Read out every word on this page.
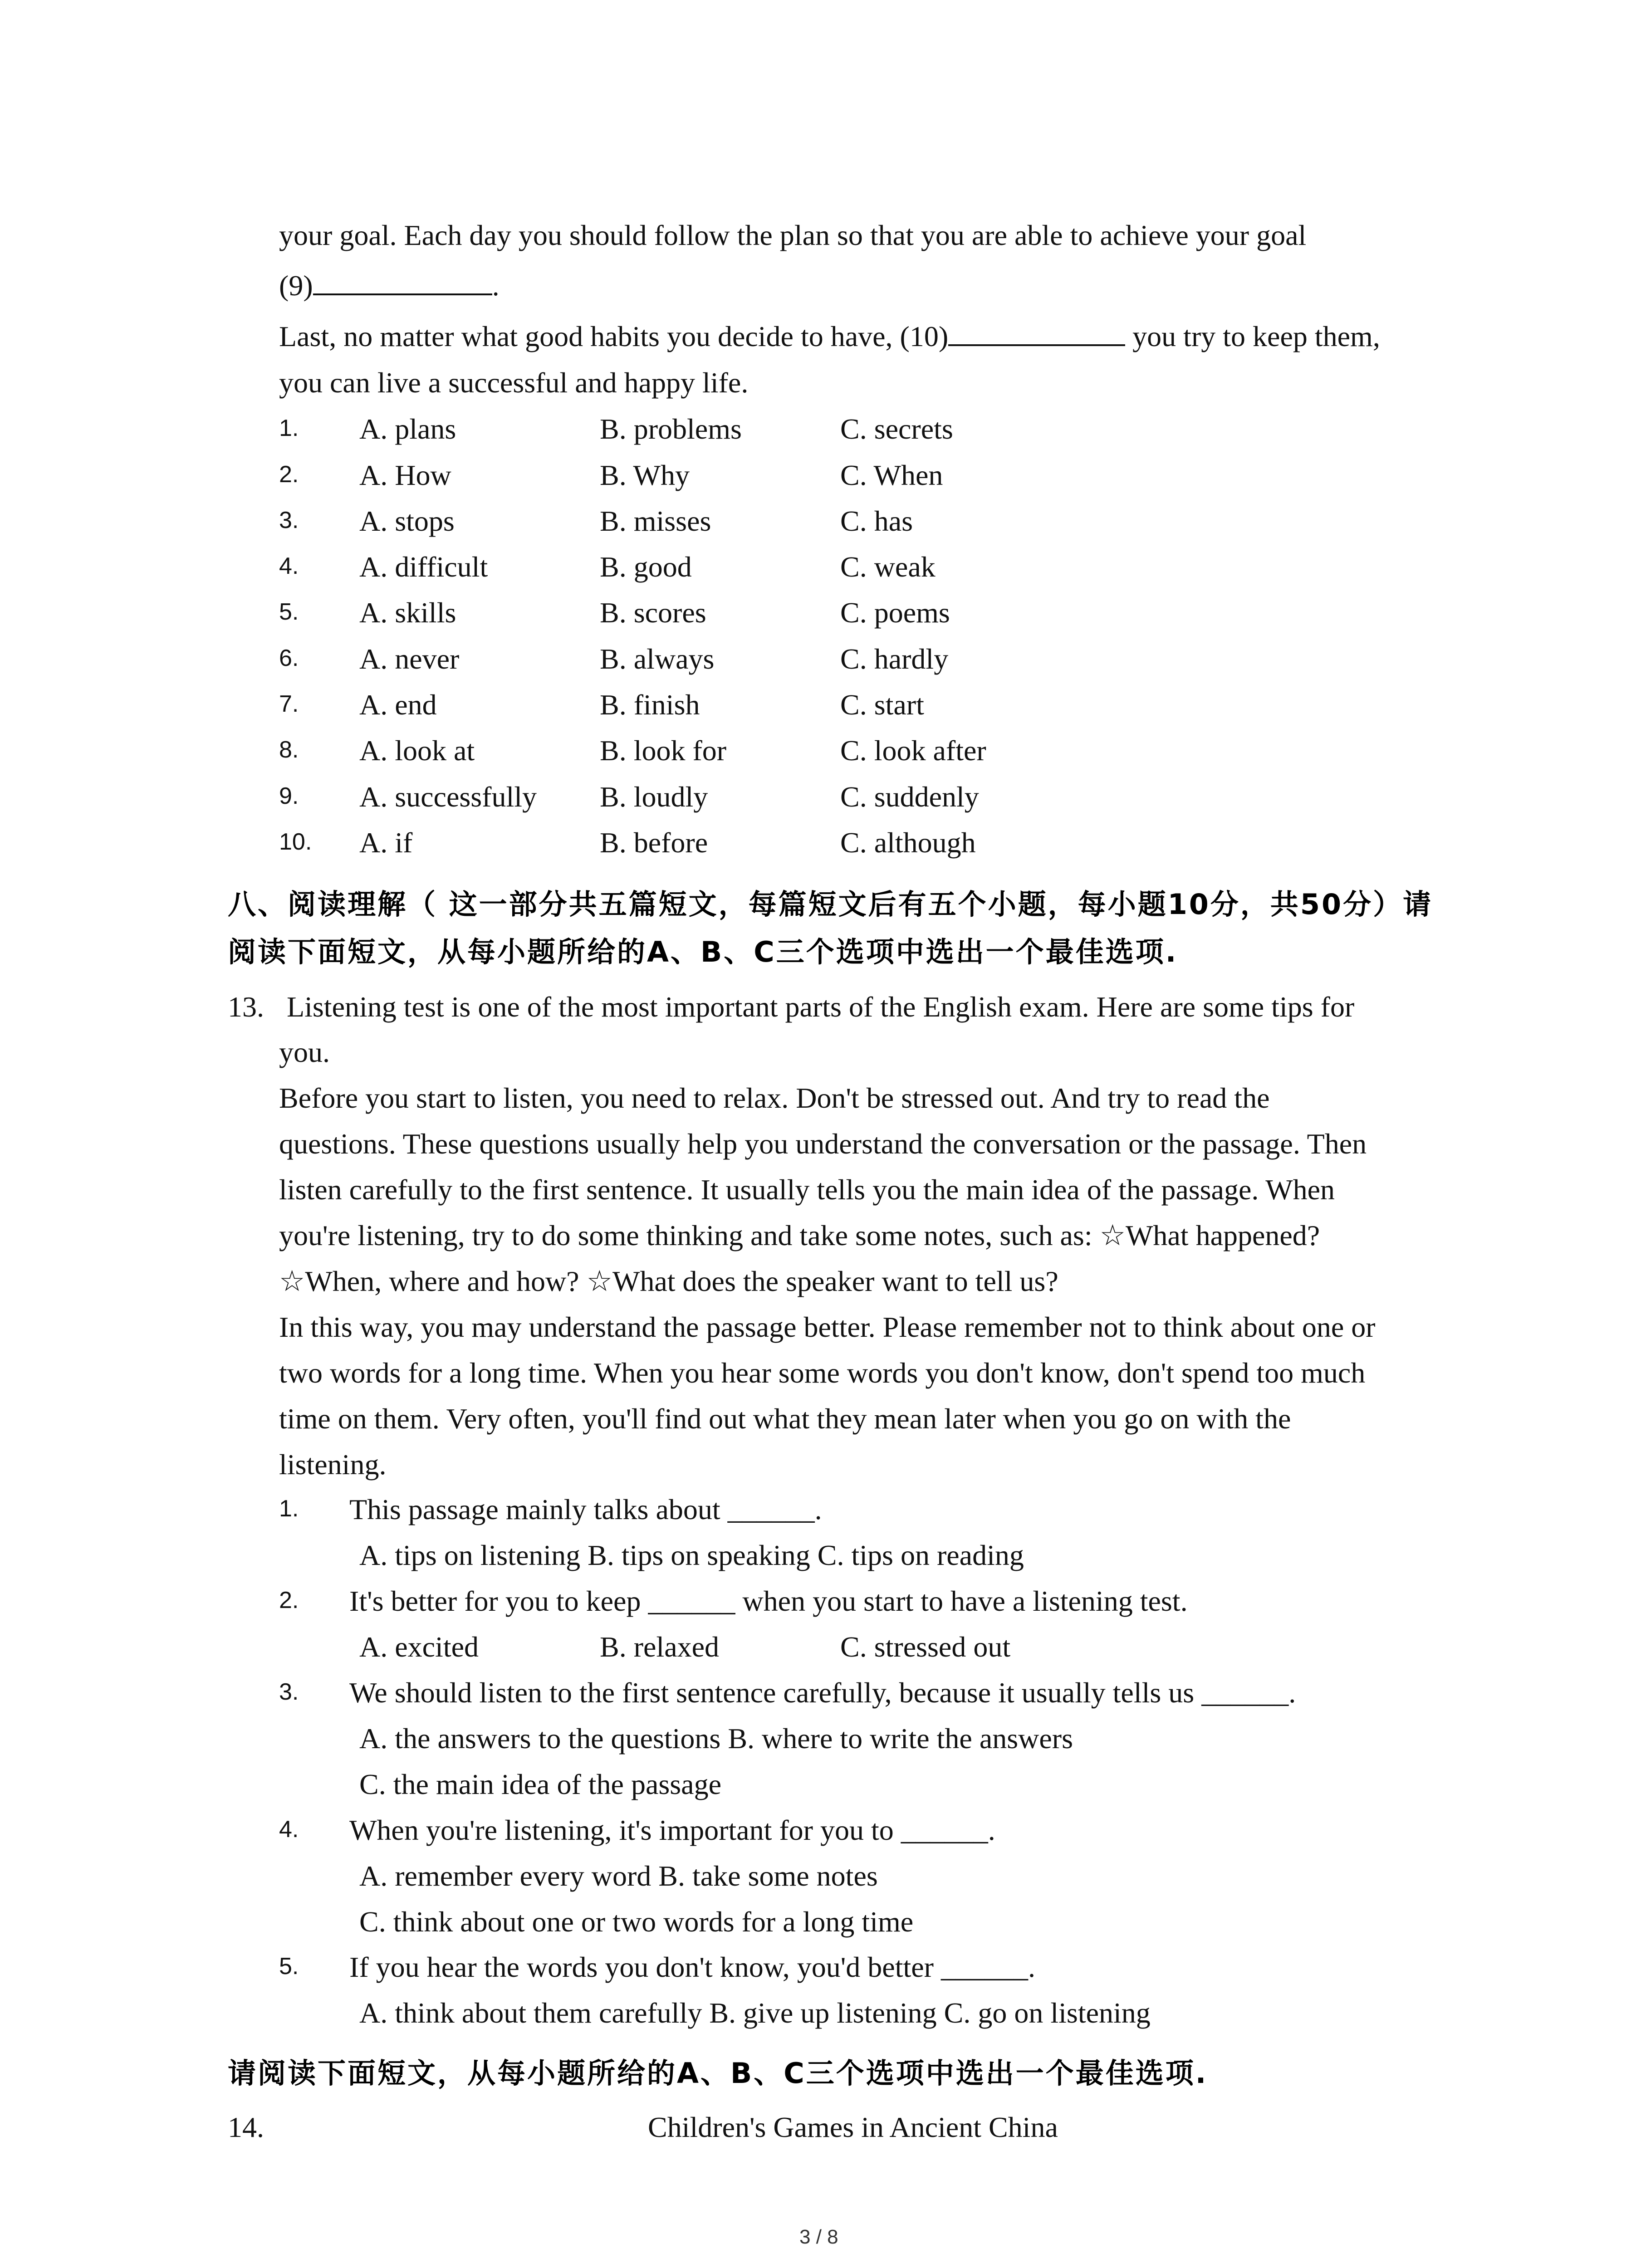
your goal. Each day you should follow the plan so that you are able to achieve your goal
(9)	.
Last, no matter what good habits you decide to have, (10)	you try to keep them,
you can live a successful and happy life.
1. A. plans	B. problems	C. secrets
2. A. How	B. Why	C. When
3. A. stops	B. misses	C. has
4. A. difficult	B. good	C. weak
5. A. skills	B. scores	C. poems
6. A. never	B. always	C. hardly
7. A. end	B. finish	C. start
8. A. look at	B. look for	C. look after
9. A. successfully B. loudly	C. suddenly
10. A. if	B. before	C. although
八、阅读理解（ 这一部分共五篇短文，每篇短文后有五个小题，每小题10分，共50分）请
阅读下面短文，从每小题所给的A、B、C三个选项中选出一个最佳选项.
13. Listening test is one of the most important parts of the English exam. Here are some tips for
you.
Before you start to listen, you need to relax. Don't be stressed out. And try to read the
questions. These questions usually help you understand the conversation or the passage. Then
listen carefully to the first sentence. It usually tells you the main idea of the passage. When
you're listening, try to do some thinking and take some notes, such as: ☆What happened?
☆When, where and how? ☆What does the speaker want to tell us?
In this way, you may understand the passage better. Please remember not to think about one or
two words for a long time. When you hear some words you don't know, don't spend too much
time on them. Very often, you'll find out what they mean later when you go on with the
listening.
1. This passage mainly talks about ______.
A. tips on listening B. tips on speaking C. tips on reading
2. It's better for you to keep ______ when you start to have a listening test.
A. excited	B. relaxed	C. stressed out
3. We should listen to the first sentence carefully, because it usually tells us ______.
A. the answers to the questions B. where to write the answers
C. the main idea of the passage
4. When you're listening, it's important for you to ______.
A. remember every word B. take some notes
C. think about one or two words for a long time
5. If you hear the words you don't know, you'd better ______.
A. think about them carefully B. give up listening C. go on listening
请阅读下面短文，从每小题所给的A、B、C三个选项中选出一个最佳选项.
14.	Children's Games in Ancient China
3 / 8
